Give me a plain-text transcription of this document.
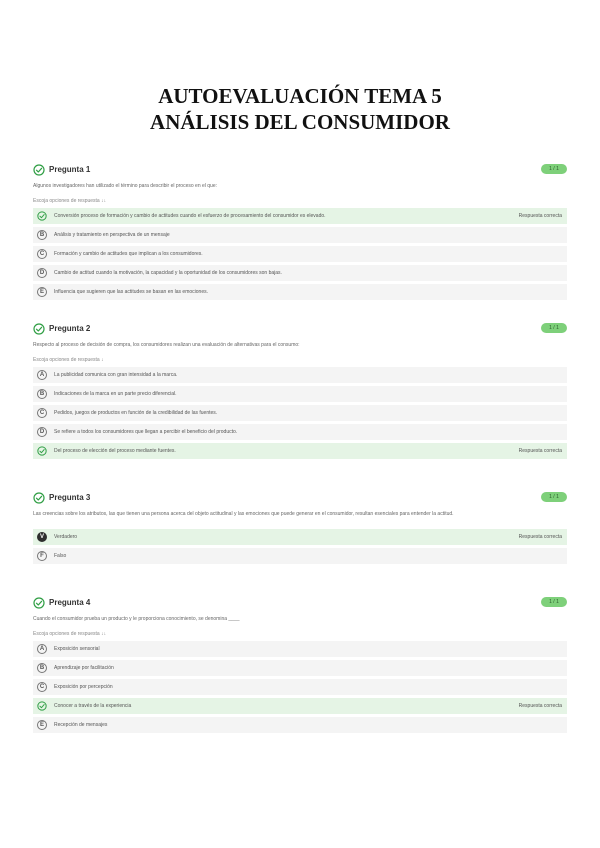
AUTOEVALUACIÓN TEMA 5
ANÁLISIS DEL CONSUMIDOR
Pregunta 1	1 / 1
Algunos investigadores han utilizado el término para describir el proceso en el que:
Escoja opciones de respuesta ↓↓
Conversión proceso de formación y cambio de actitudes cuando el esfuerzo de procesamiento del consumidor es elevado.	Respuesta correcta
B	Análisis y tratamiento en perspectiva de un mensaje
C	Formación y cambio de actitudes que implican a los consumidores.
D	Cambio de actitud cuando la motivación, la capacidad y la oportunidad de los consumidores son bajas.
E	Influencia que sugieren que las actitudes se basan en las emociones.
Pregunta 2	1 / 1
Respecto al proceso de decisión de compra, los consumidores realizan una evaluación de alternativas para el consumo:
Escoja opciones de respuesta ↓
A	La publicidad comunica con gran intensidad a la marca.
B	Indicaciones de la marca en un parte precio diferencial.
C	Pedidos, juegos de productos en función de la credibilidad de las fuentes.
D	Se refiere a todos los consumidores que llegan a percibir el beneficio del producto.
Del proceso de elección del proceso mediante fuentes.	Respuesta correcta
Pregunta 3	1 / 1
Las creencias sobre los atributos, las que tienen una persona acerca del objeto actitudinal y las emociones que puede generar en el consumidor, resultan esenciales para entender la actitud.
V	Verdadero	Respuesta correcta
F	Falso
Pregunta 4	1 / 1
Cuando el consumidor prueba un producto y le proporciona conocimiento, se denomina ____
Escoja opciones de respuesta ↓↓
A	Exposición sensorial
B	Aprendizaje por facilitación
C	Exposición por percepción
Conocer a través de la experiencia	Respuesta correcta
E	Recepción de mensajes
